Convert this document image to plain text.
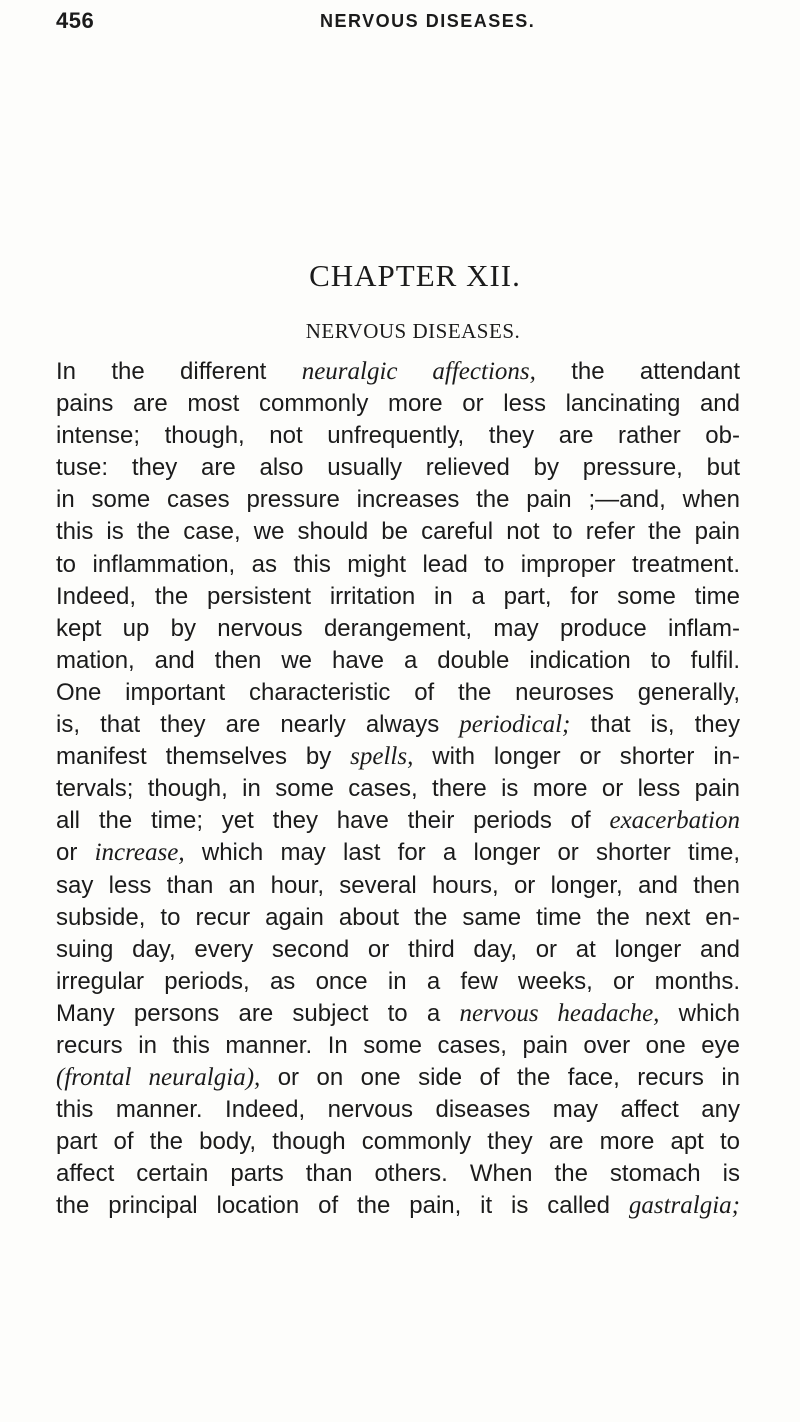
456	NERVOUS DISEASES.
CHAPTER XII.
NERVOUS DISEASES.
In the different neuralgic affections, the attendant
pains are most commonly more or less lancinating and
intense; though, not unfrequently, they are rather ob-
tuse: they are also usually relieved by pressure, but
in some cases pressure increases the pain ;—and, when
this is the case, we should be careful not to refer the pain
to inflammation, as this might lead to improper treatment.
Indeed, the persistent irritation in a part, for some time
kept up by nervous derangement, may produce inflam-
mation, and then we have a double indication to fulfil.
One important characteristic of the neuroses generally,
is, that they are nearly always periodical; that is, they
manifest themselves by spells, with longer or shorter in-
tervals; though, in some cases, there is more or less pain
all the time; yet they have their periods of exacerbation
or increase, which may last for a longer or shorter time,
say less than an hour, several hours, or longer, and then
subside, to recur again about the same time the next en-
suing day, every second or third day, or at longer and
irregular periods, as once in a few weeks, or months.
Many persons are subject to a nervous headache, which
recurs in this manner. In some cases, pain over one eye
(frontal neuralgia), or on one side of the face, recurs in
this manner. Indeed, nervous diseases may affect any
part of the body, though commonly they are more apt to
affect certain parts than others. When the stomach is
the principal location of the pain, it is called gastralgia;
